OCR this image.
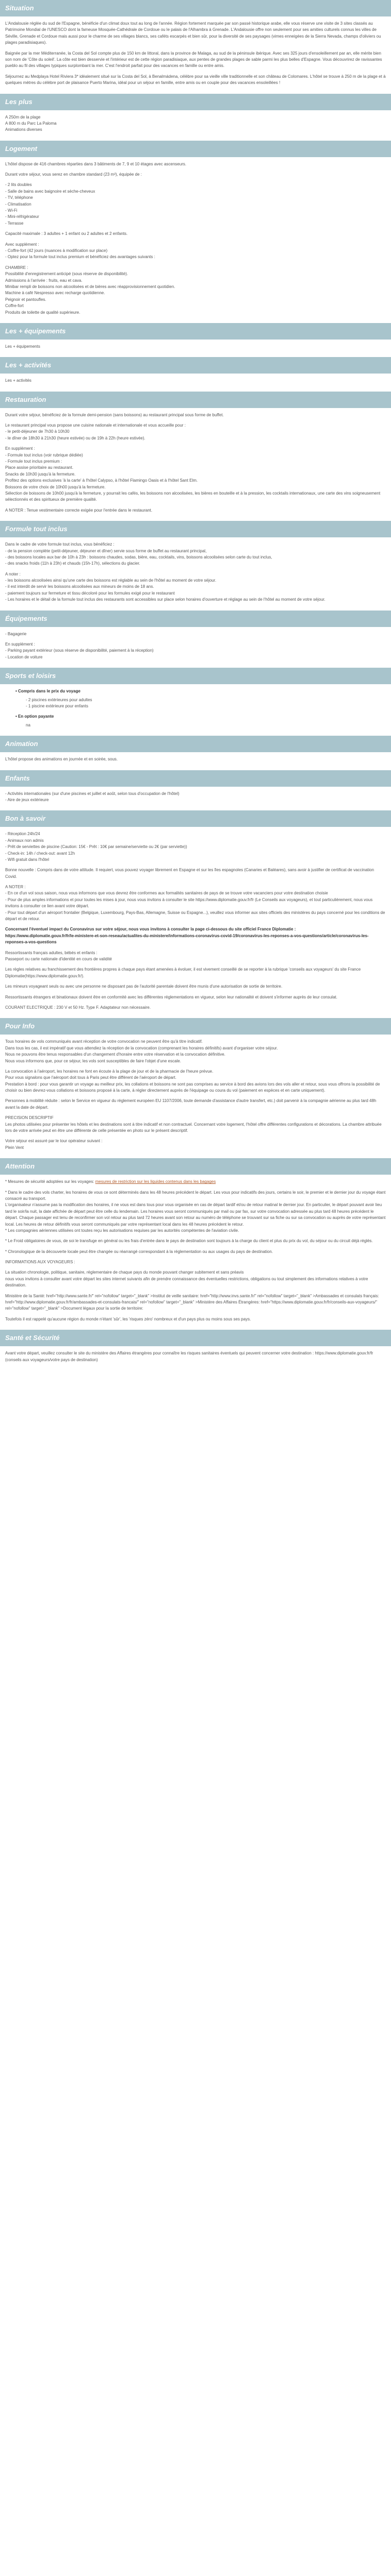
Situation

L'Andalousie réglée du sud de l'Espagne, bénéficie d'un climat doux tout au long de l'année. Région fortement marquée par son passé historique arabe, elle vous réserve une visite de 3 sites classés au Patrimoine Mondial de l'UNESCO dont la fameuse Mosquée-Cathédrale de Cordoue ou le palais de l'Alhambra à Grenade. L'Andalousie offre non seulement pour ses amities culturels connus les villes de Séville, Grenade et Cordoue mais aussi pour le charme de ses villages blancs, ses caféts escarpés et bien sûr, pour la diversité de ses paysages (vimes enneigées de la Sierra Nevada, champs d'oliviers ou plages paradisiaques).

Baignée par la mer Méditerranée, la Costa del Sol compte plus de 150 km de littoral, dans la province de Malaga, au sud de la péninsule ibérique. Avec ses 325 jours d'ensoleillement par an, elle mérite bien son nom de 'Côte du soleil'. La côte est bien desservie et l'intérieur est de cette région paradisiaque, aux pentes de grandes plages de sable parmi les plus belles d'Espagne. Vous découvrirez de ravissantes pueblo au fil des villages typiques surplombant la mer. C'est l'endroit parfait pour des vacances en famille ou entre amis.

Séjournez au Medplaya Hotel Riviera 3* idéalement situé sur la Costa del Sol, à Benalmádena, célèbre pour sa vieille ville traditionnelle et son château de Colomares. L'hôtel se trouve à 250 m de la plage et à quelques mètres du célèbre port de plaisance Puerto Marina, idéal pour un séjour en famille, entre amis ou en couple pour des vacances ensoleillées !

Les plus

A 250m de la plage
A 800 m du Parc La Paloma
Animations diverses

Logement

L'hôtel dispose de 416 chambres réparties dans 3 bâtiments de 7, 9 et 10 étages avec ascenseurs.

Durant votre séjour, vous serez en chambre standard (23 m²), équipée de :

- 2 lits doubles
- Salle de bains avec baignoire et sèche-cheveux
- TV, téléphone
- Climatisation
- Wi-Fi
- Mini-réfrigérateur
- Terrasse

Capacité maximale : 3 adultes + 1 enfant ou 2 adultes et 2 enfants.

Avec supplément :
- Coffre-fort (42 jours (nuances à modification sur place)
- Optez pour la formule tout inclus premium et bénéficiez des avantages suivants :

CHAMBRE :
Possibilité d'enregistrement anticipé (sous réserve de disponibilité).
Admissions à l'arrivée : fruits, eau et cava.
Minibar rempli de boissons non alcoolisées et de bières avec réapprovisionnement quotidien.
Machine à café Nespresso avec recharge quotidienne.
Peignoir et pantoufles.
Coffre-fort
Produits de toilette de qualité supérieure.

Les + équipements

Les + équipements

Les + activités

Les + activités

Restauration

Durant votre séjour, bénéficiez de la formule demi-pension (sans boissons) au restaurant principal sous forme de buffet.

Le restaurant principal vous propose une cuisine nationale et internationale et vous accueille pour :
- le petit-déjeuner de 7h30 à 10h30
- le dîner de 18h30 à 21h30 (heure estivée) ou de 19h à 22h (heure estivée).

En supplément :
- Formule tout inclus (voir rubrique dédiée)
- Formule tout inclus premium :
Place assise prioritaire au restaurant.
Snacks de 10h30 jusqu'à la fermeture.
Profitez des options exclusives 'à la carte' à l'hôtel Calypso, à l'hôtel Flamingo Oasis et à l'hôtel Sant Elm.
Boissons de votre choix de 10h00 jusqu'à la fermeture.
Sélection de boissons de 10h00 jusqu'à la fermeture, y pourrait les cafés, les boissons non alcoolisées, les bières en bouteille et à la pression, les cocktails internationaux, une carte des vins soigneusement sélectionnés et des spiritueux de première qualité.

A NOTER : Tenue vestimentaire correcte exigée pour l'entrée dans le restaurant.

Formule tout inclus

Dans le cadre de votre formule tout inclus, vous bénéficiez :
- de la pension complète (petit-déjeuner, déjeuner et dîner) servie sous forme de buffet au restaurant principal,
- des boissons locales aux bar de 10h à 23h : boissons chaudes, sodas, bière, eau, cocktails, vins, boissons alcoolisées selon carte du tout inclus,
- des snacks froids (11h à 23h) et chauds (15h-17h), sélections du glacier.

A noter :
- les boissons alcoolisées ainsi qu'une carte des boissons est réglable au sein de l'hôtel au moment de votre séjour.
- il est interdit de servir les boissons alcoolisées aux mineurs de moins de 18 ans.
- paiement toujours sur fermeture et tissu décoloré pour les formules exigé pour le restaurant
- Les horaires et le détail de la formule tout inclus des restaurants sont accessibles sur place selon horaires d'ouverture et réglage au sein de l'hôtel au moment de votre séjour.

Équipements

- Bagagerie

En supplément :
- Parking payant extérieur (sous réserve de disponibilité, paiement à la réception)
- Location de voiture

Sports et loisirs
• Compris dans le prix du voyage

- 2 piscines extérieures pour adultes
- 1 piscine extérieure pour enfants

• En option payante

na

Animation

L'hôtel propose des animations en journée et en soirée, sous.

Enfants

- Activités internationales (sur d'une piscines et juillet et août, selon tous d'occupation de l'hôtel)
- Aire de jeux extérieure

Bon à savoir

- Réception 24h/24
- Animaux non admis
- Prêt de serviettes de piscine (Caution: 15€ - Prêt : 10€ par semaine/serviette ou 2€ (par serviette))
- Check-in: 14h / check-out: avant 12h
- Wifi gratuit dans l'hôtel

Bonne nouvelle : Compris dans de votre attitude. Il requiert, vous pouvez voyager librement en Espagne et sur les îles espagnoles (Canaries et Baléares), sans avoir à justifier de certificat de vaccination Covid.

A NOTER :
- En ce d'un vol sous saison, nous vous informons que vous devrez être conformes aux formalités sanitaires de pays de se trouve votre vacanciers pour votre destination choisie
- Pour de plus amples informations et pour toutes les mises à jour, nous vous invitons à consulter le site https://www.diplomatie.gouv.fr/fr (Le Conseils aux voyageurs), et tout particulièrement, nous vous invitons à consulter ce lien avant votre départ.
- Pour tout départ d'un aéroport frontalier (Belgique, Luxembourg, Pays-Bas, Allemagne, Suisse ou Espagne...), veuillez vous informer aux sites officiels des ministères du pays concerné pour les conditions de départ et de retour.

Concernant l'éventuel impact du Coronavirus sur votre séjour, nous vous invitons à consulter la page ci-dessous du site officiel France Diplomatie :
https://www.diplomatie.gouv.fr/fr/le-ministere-et-son-reseau/actualites-du-ministere/informations-coronavirus-covid-19/coronavirus-les-reponses-a-vos-questions/article/coronavirus-les-reponses-a-vos-questions

Ressortissants français adultes, bébés et enfants :
Passeport ou carte nationale d'identité en cours de validité

Les règles relatives au franchissement des frontières propres à chaque pays étant amenées à évoluer, il est vivement conseillé de se reporter à la rubrique 'conseils aux voyageurs' du site France Diplomatie(https://www.diplomatie.gouv.fr/).

Les mineurs voyageant seuls ou avec une personne ne disposant pas de l'autorité parentale doivent être munis d'une autorisation de sortie de territoire.

Ressortissants étrangers et binationaux doivent être en conformité avec les différentes réglementations en vigueur, selon leur nationalité et doivent s'informer auprès de leur consulat.

COURANT ELECTRIQUE : 230 V et 50 Hz. Type F. Adaptateur non nécessaire.

Pour Info

Tous horaires de vols communiqués avant réception de votre convocation ne peuvent être qu'à titre indicatif.
Dans tous les cas, il est impératif que vous attendiez la réception de la convocation (comprenant les horaires définitifs) avant d'organiser votre séjour.
Nous ne pouvons être tenus responsables d'un changement d'horaire entre votre réservation et la convocation définitive.
Nous vous informons que, pour ce séjour, les vols sont susceptibles de faire l'objet d'une escale.

La convocation à l'aéroport, les horaires ne font en écoute à la plage de jour et de la pharmacie de l'heure prévue.
Pour vous signalons que l'aéroport doit tous à Paris peut être différent de l'aéroport de départ.
Prestation à bord : pour vous garantir un voyage au meilleur prix, les collations et boissons ne sont pas comprises au service à bord des avions lors des vols aller et retour, sous vous offrons la possibilité de choisir ou bien devrez-vous collations et boissons proposé à la carte, à régler directement auprès de l'équipage ou coura du vol (paiement en espèces et en carte uniquement).

Personnes à mobilité réduite : selon le Service en vigueur du règlement européen EU 1107/2006, toute demande d'assistance d'autre transfert, etc.) doit parvenir à la compagnie aérienne au plus tard 48h avant la date de départ.

PRECISION DESCRIPTIF
Les photos utilisées pour présenter les hôtels et les destinations sont à titre indicatif et non contractuel. Concernant votre logement, l'hôtel offre différentes configurations et décorations. La chambre attribuée lors de votre arrivée peut en être une différente de celle présentée en photo sur le présent descriptif.

Votre séjour est assuré par le tour opérateur suivant :
Plein Vent

Attention

* Mesures de sécurité adoptées sur les voyages: mesures de restriction sur les liquides contenus dans les bagages

* Dans le cadre des vols charter, les horaires de vous ce sont déterminés dans les 48 heures précédent le départ. Les vous pour indicatifs des jours, certains le soir, le premier et le dernier jour du voyage étant consacré au transport.
L'organisateur n'assume pas la modification des horaires, il ne vous est dans tous pour vous organisée en cas de départ tardif et/ou de retour matinal le dernier jour. En particulier, le départ pouvant avoir lieu tard le soir/la nuit, la date affichée de départ peut être celle du lendemain. Les horaires vous seront communiqués par mail ou par fax, sur votre convocation adressée au plus tard 48 heures précédent le départ. Chaque passager est tenu de reconfirmer son vol retour au plus tard 72 heures avant son retour au numéro de téléphone se trouvant sur sa fiche ou sur sa convocation ou auprès de votre représentant local. Les heures de retour définitifs vous seront communiqués par votre représentant local dans les 48 heures précédent le retour.
* Les compagnies aériennes utilisées ont toutes reçu les autorisations requises par les autorités compétentes de l'aviation civile.

* Le Froid obligatoires de vous, de soi le transfuge en général ou les frais d'entrée dans le pays de destination sont toujours à la charge du client et plus du prix du vol, du séjour ou du circuit déjà réglés.

* Chronologique de la découverte locale peut être changée ou réarrangé correspondant à la réglementation ou aux usages du pays de destination.

INFORMATIONS AUX VOYAGEURS :

La situation chronologie, politique, sanitaire, réglementaire de chaque pays du monde pouvant changer subitement et sans préavis
nous vous invitons à consulter avant votre départ les sites internet suivants afin de prendre connaissance des éventuelles restrictions, obligations ou tout simplement des informations relatives à votre destination.

Ministère de la Santé: href="http://www.sante.fr/" rel="nofollow" target="_blank" >Institut de veille sanitaire: href="http://www.invs.sante.fr/" rel="nofollow" target="_blank" >Ambassades et consulats français: href="http://www.diplomatie.gouv.fr/fr/ambassades-et-consulats-francais/" rel="nofollow" target="_blank" >Ministère des Affaires Étrangères: href="https://www.diplomatie.gouv.fr/fr/conseils-aux-voyageurs/" rel="nofollow" target="_blank" >Document légaux pour la sortie de territoire:

Toutefois il est rappelé qu'aucune région du monde n'étant 'sûr', les 'risques zéro' nombreux et d'un pays plus ou moins sous ses pays.

Santé et Sécurité

Avant votre départ, veuillez consulter le site du ministère des Affaires étrangères pour connaître les risques sanitaires éventuels qui peuvent concerner votre destination : https://www.diplomatie.gouv.fr/fr (conseils aux voyageurs/votre pays de destination)
